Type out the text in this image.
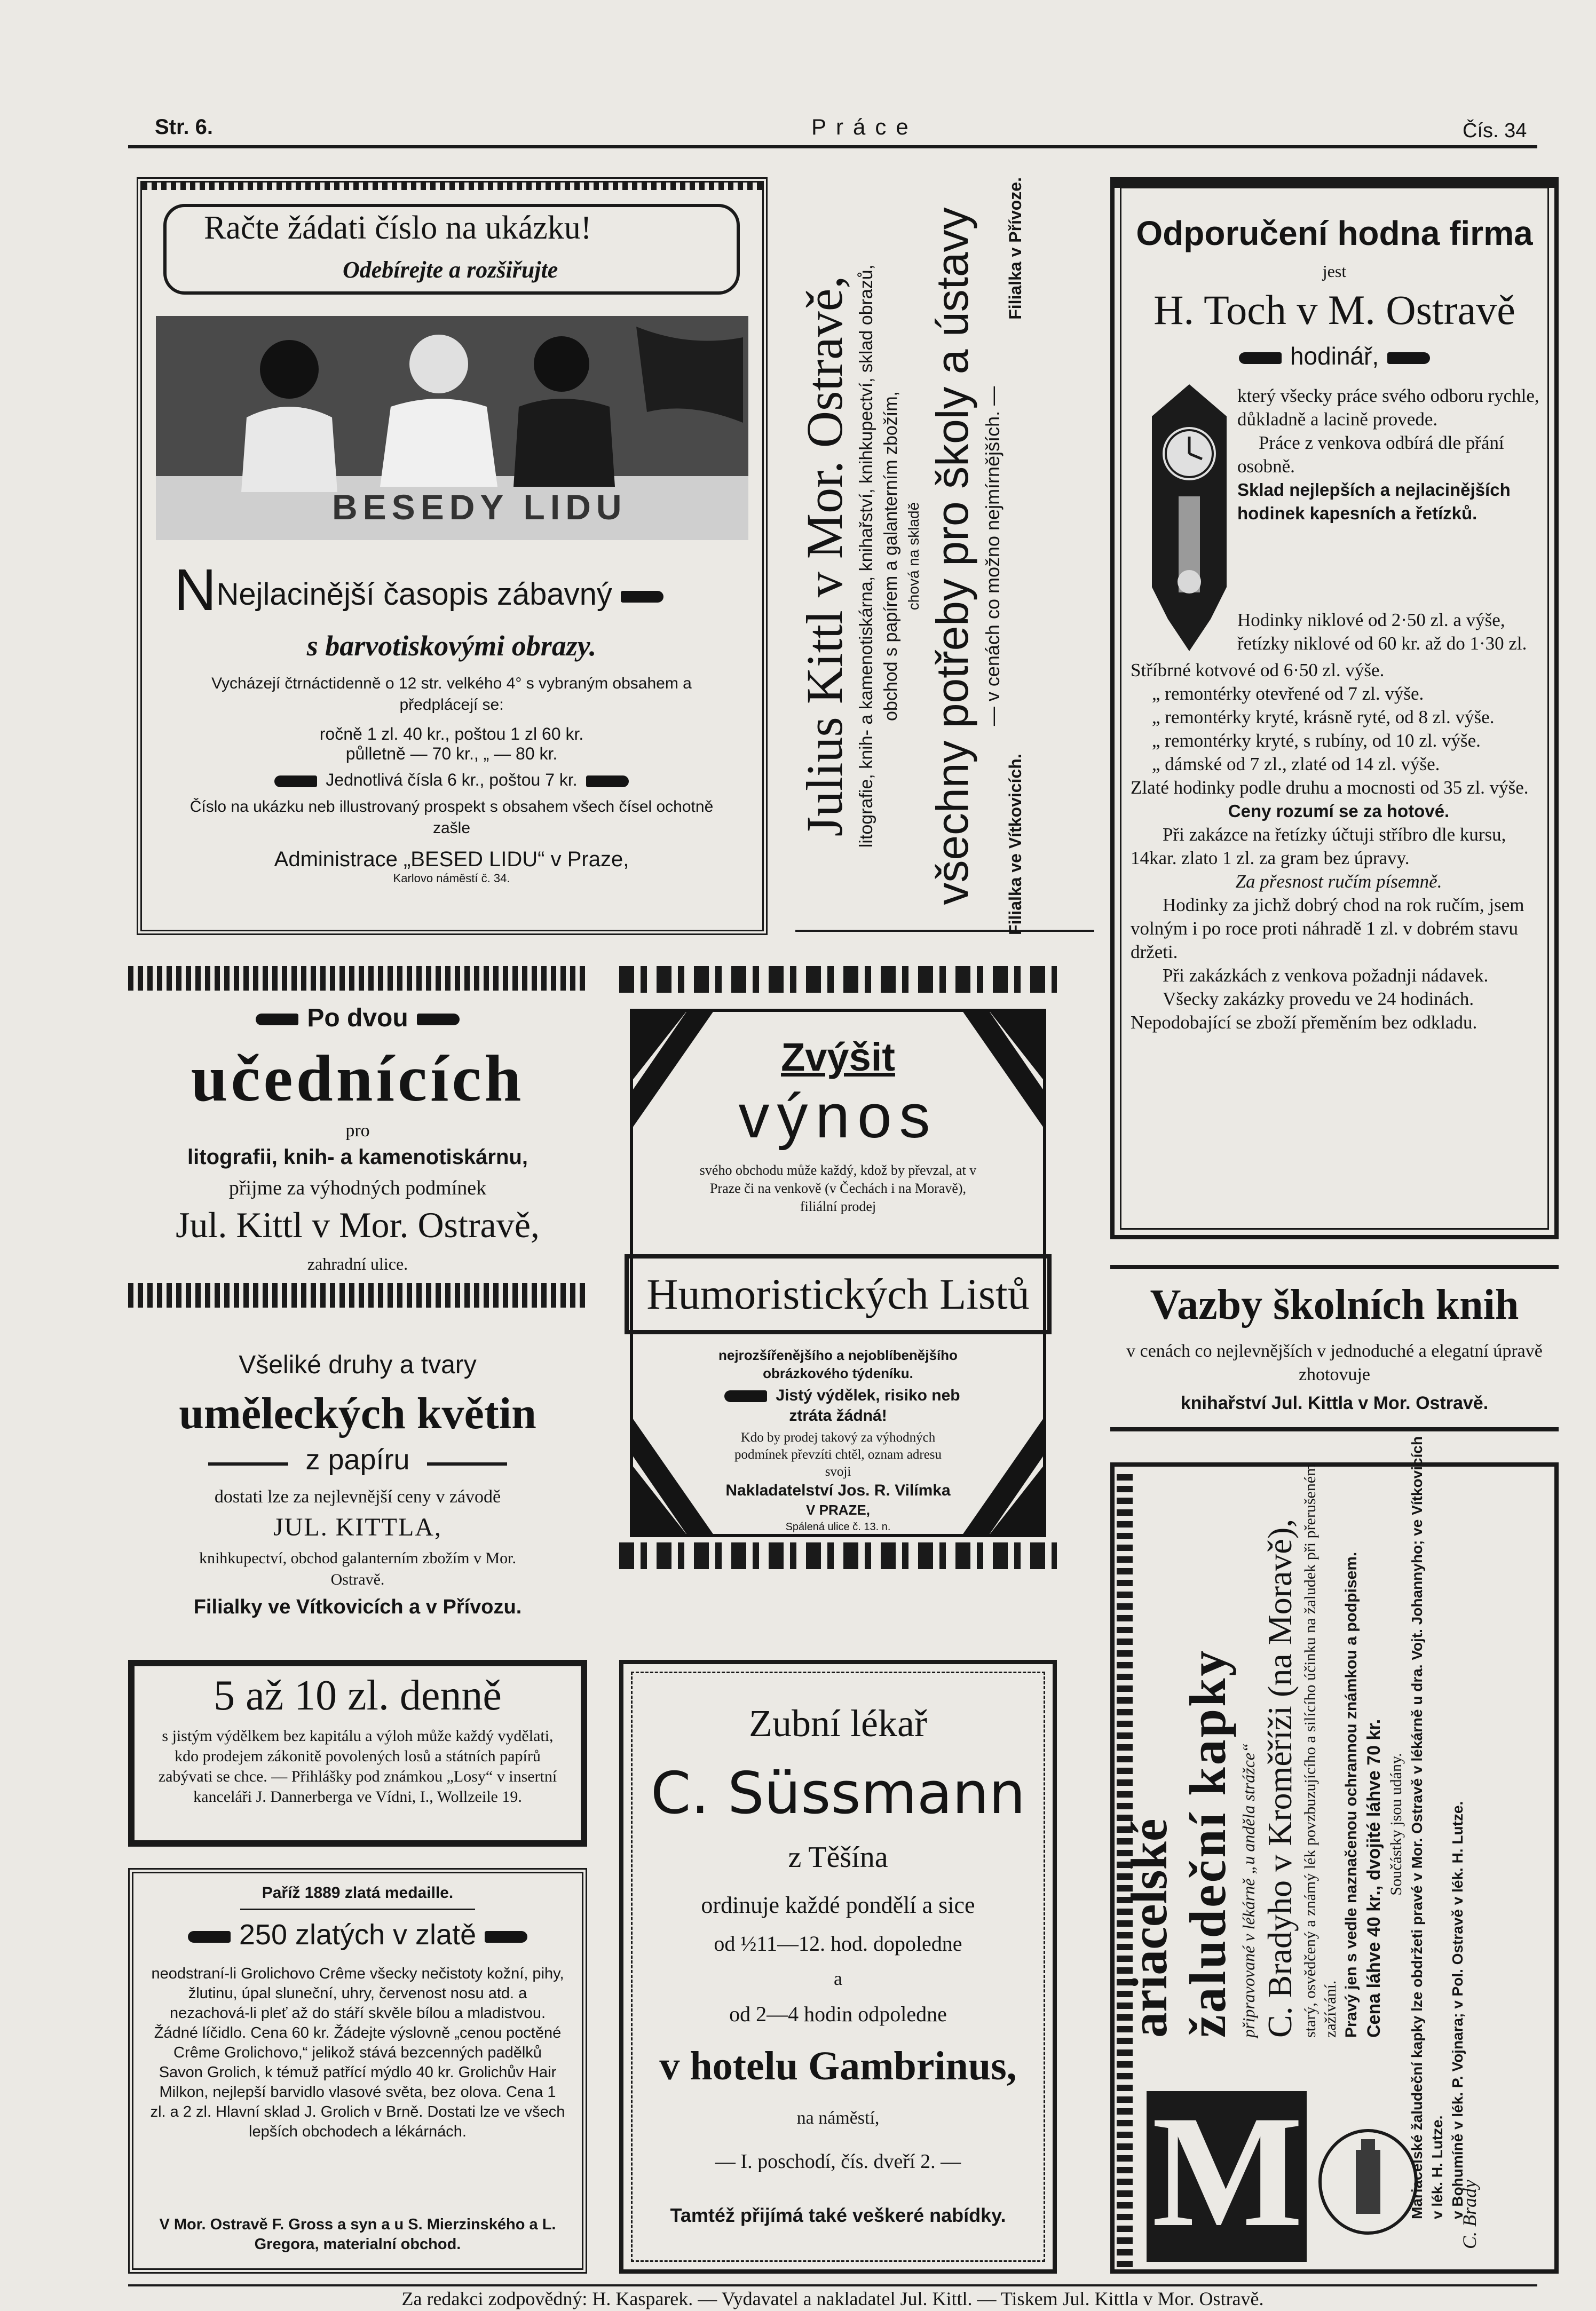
Str. 6.	Práce	Čís. 34
Račte žádati číslo na ukázku!
Odebírejte a rozšiřujte
BESEDY LIDU

NNejlacinější časopis zábavný

s barvotiskovými obrazy.

Vycházejí čtrnáctidenně o 12 str. velkého 4° s vybraným obsahem a předplácejí se:

ročně 1 zl. 40 kr., poštou 1 zl 60 kr.

půlletně — 70 kr., „ — 80 kr.

Jednotlivá čísla 6 kr., poštou 7 kr.

Číslo na ukázku neb illustrovaný prospekt s obsahem všech čísel ochotně zašle

Administrace „BESED LIDU“ v Praze,

Karlovo náměstí č. 34.

Julius Kittl v Mor. Ostravě, litografie, knih- a kamenotiskárna, knihařství, knihkupectví, sklad obrazů, obchod s papírem a galanterním zbožím, chová na skladě všechny potřeby pro školy a ústavy — v cenách co možno nejmírnějších. —

Filialka ve Vítkovicích.
Filialka v Přívoze.	Odporučení hodna firma

jest

H. Toch v M. Ostravě

hodinář,

který všecky práce svého odboru rychle, důkladně a lacině provede.

Práce z venkova odbírá dle přání osobně.

Sklad nejlepších a nejlacinějších hodinek kapesních a řetízků.

Hodinky niklové od 2·50 zl. a výše, řetízky niklové od 60 kr. až do 1·30 zl.

Stříbrné kotvové od 6·50 zl. výše.

„ remontérky otevřené od 7 zl. výše.

„ remontérky kryté, krásně ryté, od 8 zl. výše.

„ remontérky kryté, s rubíny, od 10 zl. výše.

„ dámské od 7 zl., zlaté od 14 zl. výše.

Zlaté hodinky podle druhu a mocnosti od 35 zl. výše.

Ceny rozumí se za hotové.

Při zakázce na řetízky účtuji stříbro dle kursu, 14kar. zlato 1 zl. za gram bez úpravy.

Za přesnost ručím písemně.

Hodinky za jichž dobrý chod na rok ručím, jsem volným i po roce proti náhradě 1 zl. v dobrém stavu držeti.

Při zakázkách z venkova požadnji nádavek.

Všecky zakázky provedu ve 24 hodinách. Nepodobající se zboží přeměním bez odkladu.

Po dvou

učednících

pro

litografii, knih- a kamenotiskárnu,

přijme za výhodných podmínek

Jul. Kittl v Mor. Ostravě,

zahradní ulice.

Zvýšit

výnos

svého obchodu může každý, kdož by převzal, at v Praze či na venkově (v Čechách i na Moravě), filiální prodej

Humoristických Listů

nejrozšířenějšího a nejoblíbenějšího obrázkového týdeníku.

Jistý výdělek, risiko neb ztráta žádná!

Kdo by prodej takový za výhodných podmínek převzíti chtěl, oznam adresu svoji

Nakladatelství Jos. R. Vilímka

V PRAZE,

Spálená ulice č. 13. n.

Všeliké druhy a tvary

uměleckých květin

z papíru

dostati lze za nejlevnější ceny v závodě

JUL. KITTLA,

knihkupectví, obchod galanterním zbožím v Mor. Ostravě.

Filialky ve Vítkovicích a v Přívozu.

Vazby školních knih

v cenách co nejlevnějších v jednoduché a elegatní úpravě zhotovuje

knihařství Jul. Kittla v Mor. Ostravě.

5 až 10 zl. denně

s jistým výdělkem bez kapitálu a výloh může každý vydělati, kdo prodejem zákonitě povolených losů a státních papírů zabývati se chce. — Přihlášky pod známkou „Losy“ v insertní kanceláři J. Dannerberga ve Vídni, I., Wollzeile 19.

Zubní lékař

C. Süssmann

z Těšína

ordinuje každé pondělí a sice

od ½11—12. hod. dopoledne

a

od 2—4 hodin odpoledne

v hotelu Gambrinus,

na náměstí,

— I. poschodí, čís. dveří 2. —

Tamtéž přijímá také veškeré nabídky.

Paříž 1889 zlatá medaille.

250 zlatých v zlatě

neodstraní-li Grolichovo Crême všecky nečistoty kožní, pihy, žlutinu, úpal sluneční, uhry, červenost nosu atd. a nezachová-li pleť až do stáří skvěle bílou a mladistvou. Žádné líčidlo. Cena 60 kr. Žádejte výslovně „cenou poctěné Crême Grolichovo,“ jelikož stává bezcenných padělků Savon Grolich, k témuž patřící mýdlo 40 kr. Grolichův Hair Milkon, nejlepší barvidlo vlasové světa, bez olova. Cena 1 zl. a 2 zl. Hlavní sklad J. Grolich v Brně. Dostati lze ve všech lepších obchodech a lékárnách.

V Mor. Ostravě F. Gross a syn a u S. Mierzinského a L. Gregora, materialní obchod.	M

ariacelské žaludeční kapky připravované v lékárně „u anděla strážce“ C. Bradyho v Kroměříži (na Moravě), starý, osvědčený a známý lék povzbuzujícího a silícího účinku na žaludek při přerušeném zažívání. Pravý jen s vedle naznačenou ochrannou známkou a podpisem. Cena láhve 40 kr., dvojité láhve 70 kr. Součástky jsou udány. Mariacelské žaludeční kapky lze obdržeti pravé v Mor. Ostravě v lékárně u dra. Vojt. Johannyho; ve Vítkovicích v lék. H. Lutze. v Bohumíně v lék. P. Vojnara; v Pol. Ostravě v lék. H. Lutze.

C. Brady

Za redakci zodpovědný: H. Kasparek. — Vydavatel a nakladatel Jul. Kittl. — Tiskem Jul. Kittla v Mor. Ostravě.
